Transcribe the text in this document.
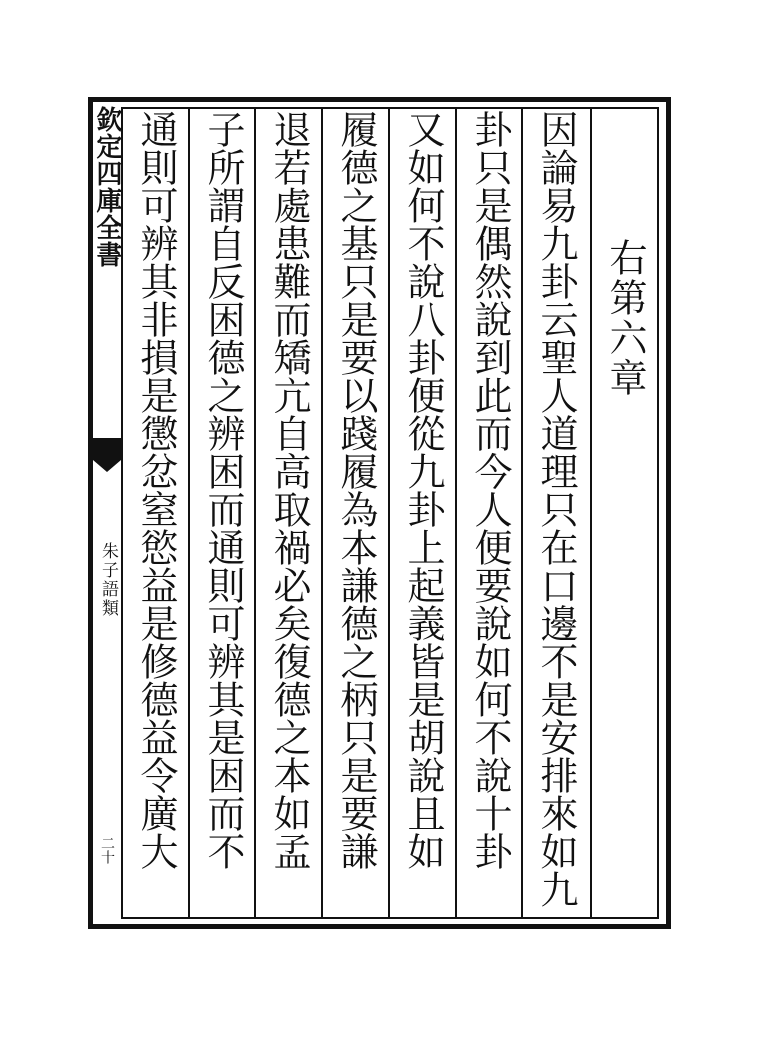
欽定四庫全書
朱子語類
二十
右第六章
因論易九卦云聖人道理只在口邊不是安排來如九
卦只是偶然說到此而今人便要說如何不說十卦
又如何不說八卦便從九卦上起義皆是胡說且如
履德之基只是要以踐履為本謙德之柄只是要謙
退若處患難而矯亢自高取禍必矣復德之本如孟
子所謂自反困德之辨困而通則可辨其是困而不
通則可辨其非損是懲忿窒慾益是修德益令廣大
